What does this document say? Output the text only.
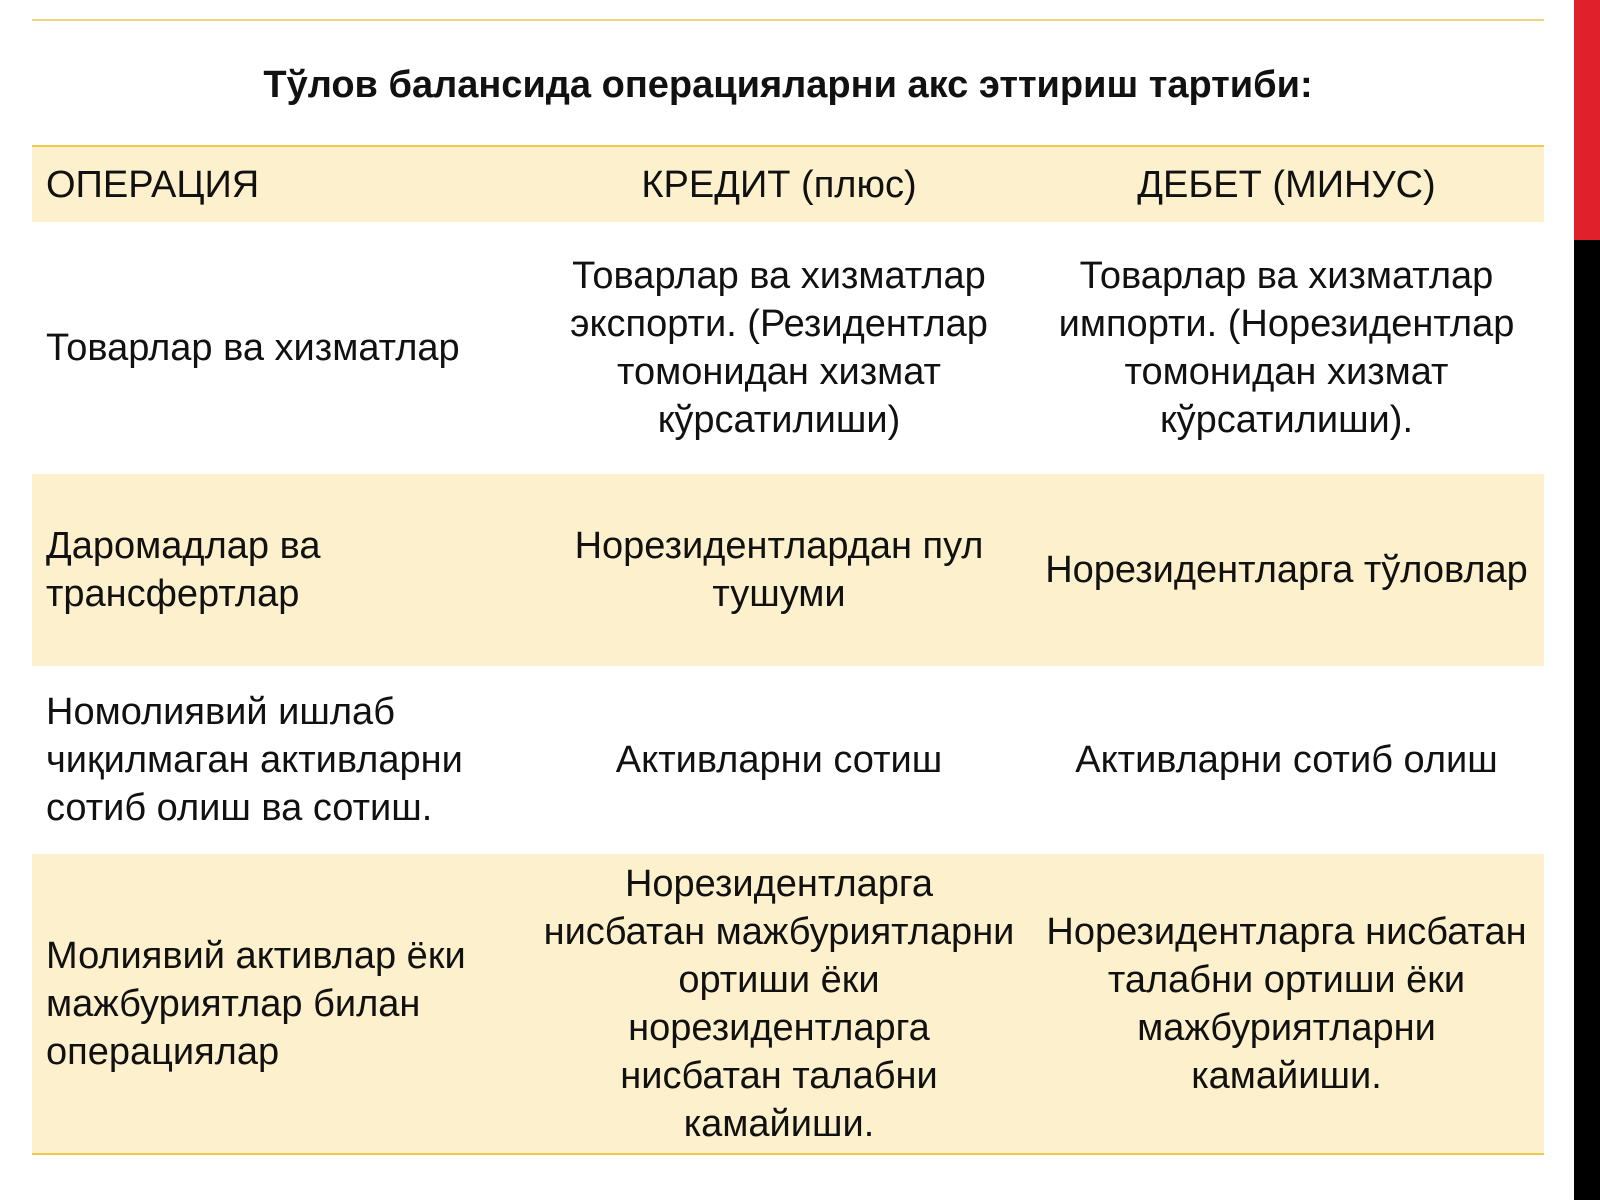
Тўлов балансида операцияларни акс эттириш тартиби:
ОПЕРАЦИЯ	КРЕДИТ (плюс)	ДЕБЕТ (МИНУС)
Товарлар ва хизматлар	Товарлар ва хизматлар экспорти. (Резидентлар томонидан хизмат кўрсатилиши)	Товарлар ва хизматлар импорти. (Норезидентлар томонидан хизмат кўрсатилиши).
Даромадлар ва трансфертлар	Норезидентлардан пул тушуми	Норезидентларга тўловлар
Номолиявий ишлаб чиқилмаган активларни сотиб олиш ва сотиш.	Активларни сотиш	Активларни сотиб олиш
Молиявий активлар ёки мажбуриятлар билан операциялар	Норезидентларга нисбатан мажбуриятларни ортиши ёки норезидентларга нисбатан талабни камайиши.	Норезидентларга нисбатан талабни ортиши ёки мажбуриятларни камайиши.
